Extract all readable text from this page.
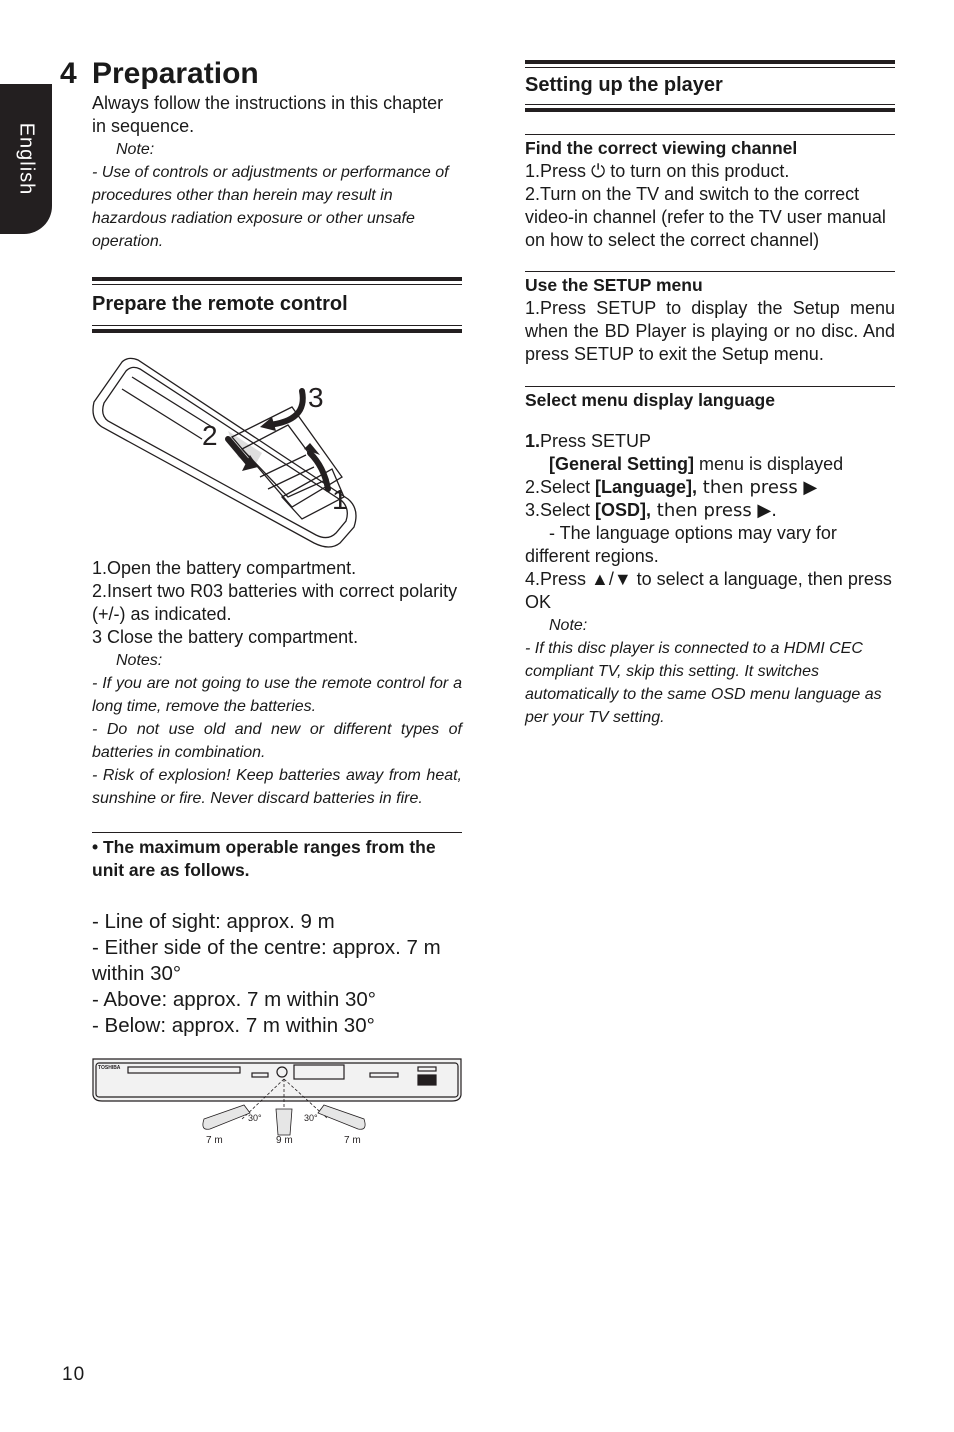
English
4 Preparation

Always follow the instructions in this chapter in sequence.

Note:

- Use of controls or adjustments or performance of procedures other than herein may result in hazardous radiation exposure or other unsafe operation.

Prepare the remote control
2
3
1

1.Open the battery compartment.

2.Insert two R03 batteries with correct polarity (+/-) as indicated.

3 Close the battery compartment.

Notes:

- If you are not going to use the remote control for a long time, remove the batteries.

- Do not use old and new or different types of batteries in combination.

- Risk of explosion! Keep batteries away from heat, sunshine or fire. Never discard batteries in fire.

• The maximum operable ranges from the unit are as follows.

- Line of sight: approx. 9 m

- Either side of the centre: approx. 7 m within 30°

- Above: approx. 7 m within 30°

- Below: approx. 7 m within 30°

TOSHIBA
30°	30°
7 m	9 m	7 m
Setting up the player
Find the correct viewing channel

1.Press ⏻ to turn on this product.

2.Turn on the TV and switch to the correct video-in channel (refer to the TV user manual on how to select the correct channel)

Use the SETUP menu

1.Press SETUP to display the Setup menu when the BD Player is playing or no disc. And press SETUP to exit the Setup menu.

Select menu display language

1.Press SETUP

[General Setting] menu is displayed

2.Select [Language], then press ▶

3.Select [OSD], then press ▶.

- The language options may vary for different regions.

4.Press ▲/▼ to select a language, then press OK

Note:

- If this disc player is connected to a HDMI CEC compliant TV, skip this setting. It switches automatically to the same OSD menu language as per your TV setting.

10
